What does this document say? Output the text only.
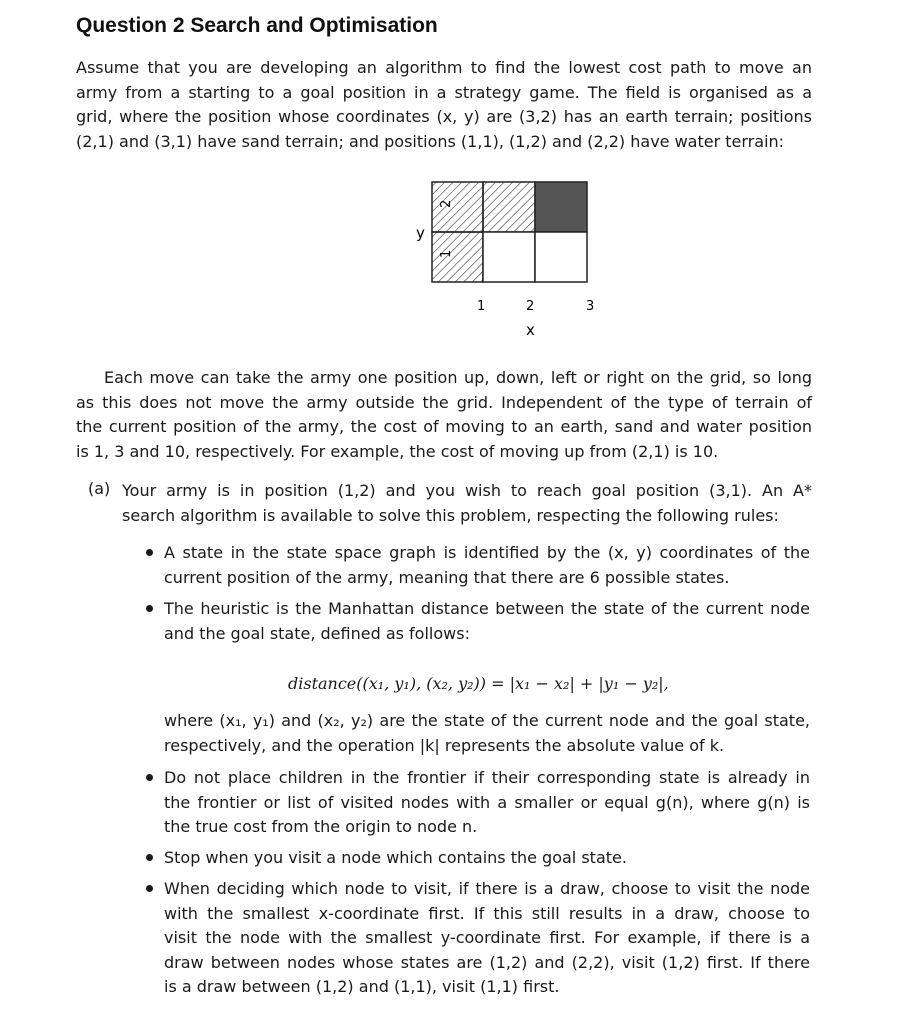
Question 2 Search and Optimisation
Assume that you are developing an algorithm to find the lowest cost path to move an
army from a starting to a goal position in a strategy game. The field is organised as a
grid, where the position whose coordinates (x, y) are (3,2) has an earth terrain; positions
(2,1) and (3,1) have sand terrain; and positions (1,1), (1,2) and (2,2) have water terrain:
2
y
1
1	2	3
x
Each move can take the army one position up, down, left or right on the grid, so long
as this does not move the army outside the grid. Independent of the type of terrain of
the current position of the army, the cost of moving to an earth, sand and water position
is 1, 3 and 10, respectively. For example, the cost of moving up from (2,1) is 10.
(a) Your army is in position (1,2) and you wish to reach goal position (3,1). An A*
search algorithm is available to solve this problem, respecting the following rules:
A state in the state space graph is identified by the (x, y) coordinates of the
current position of the army, meaning that there are 6 possible states.
The heuristic is the Manhattan distance between the state of the current node
and the goal state, defined as follows:
distance((x₁, y₁), (x₂, y₂)) = |x₁ − x₂| + |y₁ − y₂|,
where (x₁, y₁) and (x₂, y₂) are the state of the current node and the goal state,
respectively, and the operation |k| represents the absolute value of k.
Do not place children in the frontier if their corresponding state is already in
the frontier or list of visited nodes with a smaller or equal g(n), where g(n) is
the true cost from the origin to node n.
Stop when you visit a node which contains the goal state.
When deciding which node to visit, if there is a draw, choose to visit the node
with the smallest x-coordinate first. If this still results in a draw, choose to
visit the node with the smallest y-coordinate first. For example, if there is a
draw between nodes whose states are (1,2) and (2,2), visit (1,2) first. If there
is a draw between (1,2) and (1,1), visit (1,1) first.
